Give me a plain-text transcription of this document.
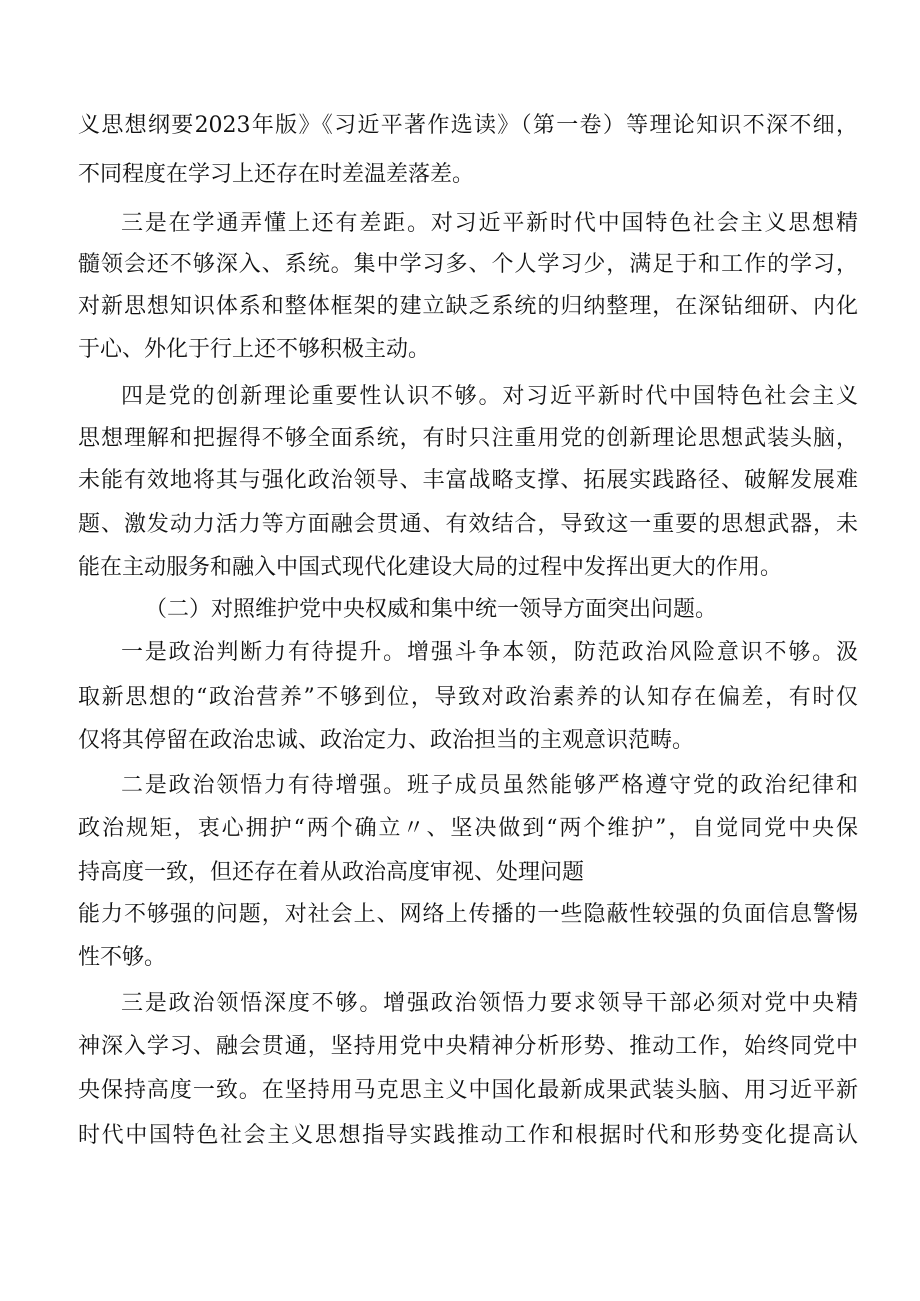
义思想纲要2023年版》《习近平著作选读》（第一卷）等理论知识不深不细，
不同程度在学习上还存在时差温差落差。
三是在学通弄懂上还有差距。对习近平新时代中国特色社会主义思想精
髓领会还不够深入、系统。集中学习多、个人学习少，满足于和工作的学习，
对新思想知识体系和整体框架的建立缺乏系统的归纳整理，在深钻细研、内化
于心、外化于行上还不够积极主动。
四是党的创新理论重要性认识不够。对习近平新时代中国特色社会主义
思想理解和把握得不够全面系统，有时只注重用党的创新理论思想武装头脑，
未能有效地将其与强化政治领导、丰富战略支撑、拓展实践路径、破解发展难
题、激发动力活力等方面融会贯通、有效结合，导致这一重要的思想武器，未
能在主动服务和融入中国式现代化建设大局的过程中发挥出更大的作用。
（二）对照维护党中央权威和集中统一领导方面突出问题。
一是政治判断力有待提升。增强斗争本领，防范政治风险意识不够。汲
取新思想的“政治营养”不够到位，导致对政治素养的认知存在偏差，有时仅
仅将其停留在政治忠诚、政治定力、政治担当的主观意识范畴。
二是政治领悟力有待增强。班子成员虽然能够严格遵守党的政治纪律和
政治规矩，衷心拥护“两个确立〃、坚决做到“两个维护”，自觉同党中央保
持高度一致，但还存在着从政治高度审视、处理问题
能力不够强的问题，对社会上、网络上传播的一些隐蔽性较强的负面信息警惕
性不够。
三是政治领悟深度不够。增强政治领悟力要求领导干部必须对党中央精
神深入学习、融会贯通，坚持用党中央精神分析形势、推动工作，始终同党中
央保持高度一致。在坚持用马克思主义中国化最新成果武装头脑、用习近平新
时代中国特色社会主义思想指导实践推动工作和根据时代和形势变化提高认
